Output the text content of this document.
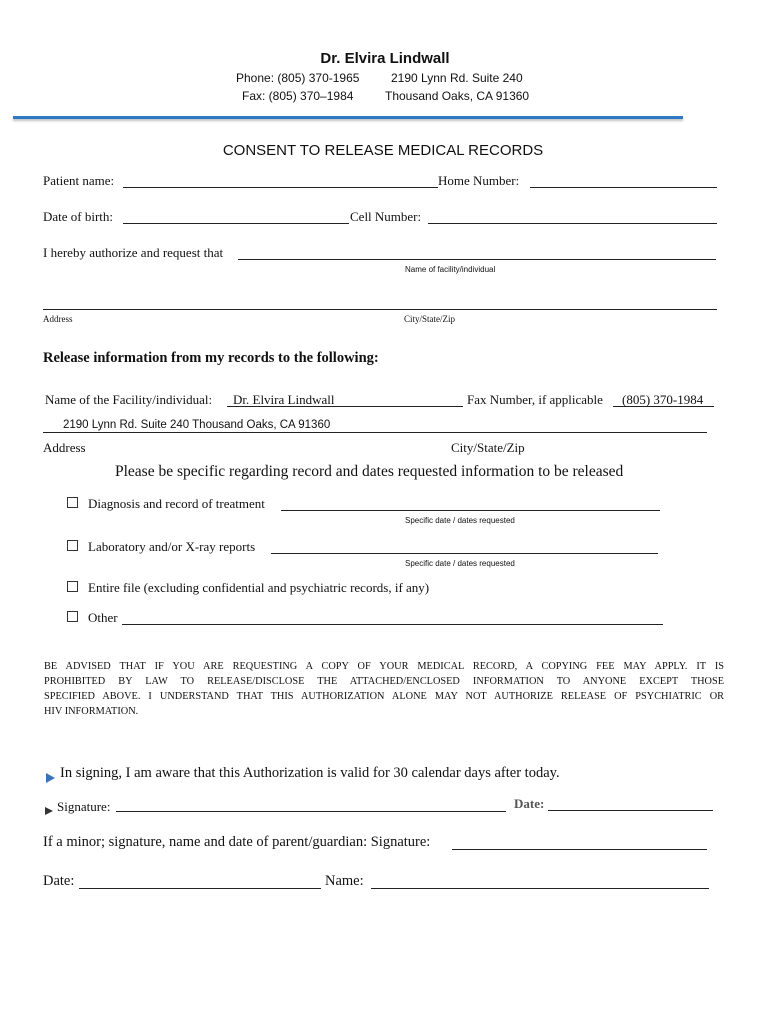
Dr. Elvira Lindwall
Phone: (805) 370-1965
Fax: (805) 370–1984
2190 Lynn Rd. Suite 240
Thousand Oaks, CA 91360
CONSENT TO RELEASE MEDICAL RECORDS
Patient name:	Home Number:
Date of birth:	Cell Number:
I hereby authorize and request that
Name of facility/individual
Address	City/State/Zip
Release information from my records to the following:
Name of the Facility/individual: Dr. Elvira Lindwall	Fax Number, if applicable (805) 370-1984
2190 Lynn Rd. Suite 240 Thousand Oaks, CA 91360
Address	City/State/Zip
Please be specific regarding record and dates requested information to be released
Diagnosis and record of treatment
Specific date / dates requested
Laboratory and/or X-ray reports
Specific date / dates requested
Entire file (excluding confidential and psychiatric records, if any)
Other
BE ADVISED THAT IF YOU ARE REQUESTING A COPY OF YOUR MEDICAL RECORD, A COPYING FEE MAY APPLY. IT IS
PROHIBITED BY LAW TO RELEASE/DISCLOSE THE ATTACHED/ENCLOSED INFORMATION TO ANYONE EXCEPT THOSE
SPECIFIED ABOVE. I UNDERSTAND THAT THIS AUTHORIZATION ALONE MAY NOT AUTHORIZE RELEASE OF PSYCHIATRIC OR
HIV INFORMATION.
In signing, I am aware that this Authorization is valid for 30 calendar days after today.
Signature:	Date:
If a minor; signature, name and date of parent/guardian: Signature:
Date:	Name:
